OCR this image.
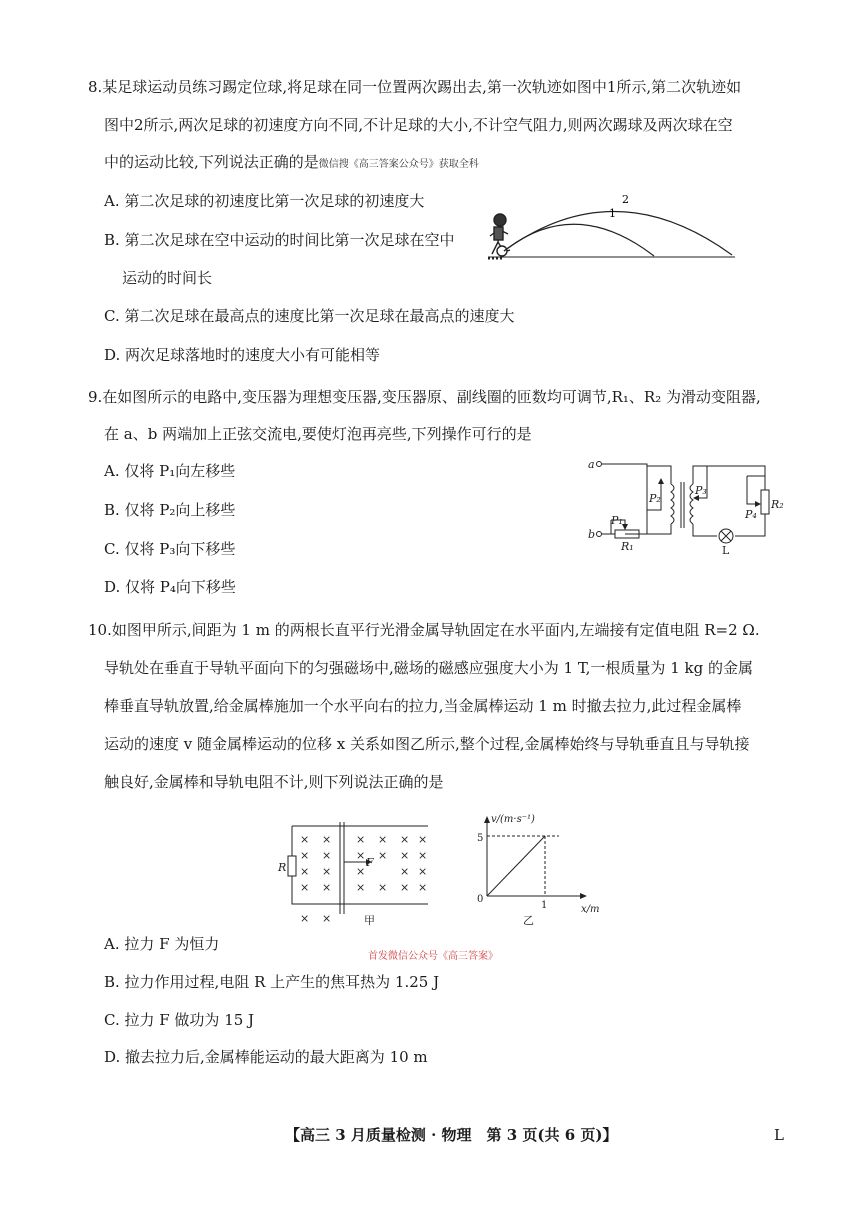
8.某足球运动员练习踢定位球,将足球在同一位置两次踢出去,第一次轨迹如图中1所示,第二次轨迹如
图中2所示,两次足球的初速度方向不同,不计足球的大小,不计空气阻力,则两次踢球及两次球在空
中的运动比较,下列说法正确的是微信搜《高三答案公众号》获取全科
A. 第二次足球的初速度比第一次足球的初速度大
B. 第二次足球在空中运动的时间比第一次足球在空中
运动的时间长
C. 第二次足球在最高点的速度比第一次足球在最高点的速度大
D. 两次足球落地时的速度大小有可能相等
2
1
9.在如图所示的电路中,变压器为理想变压器,变压器原、副线圈的匝数均可调节,R₁、R₂ 为滑动变阻器,
在 a、b 两端加上正弦交流电,要使灯泡再亮些,下列操作可行的是
A. 仅将 P₁向左移些
B. 仅将 P₂向上移些
C. 仅将 P₃向下移些
D. 仅将 P₄向下移些
a
b
P₂
P₃
P₄
R₂
P₁
R₁	L
10.如图甲所示,间距为 1 m 的两根长直平行光滑金属导轨固定在水平面内,左端接有定值电阻 R=2 Ω.
导轨处在垂直于导轨平面向下的匀强磁场中,磁场的磁感应强度大小为 1 T,一根质量为 1 kg 的金属
棒垂直导轨放置,给金属棒施加一个水平向右的拉力,当金属棒运动 1 m 时撤去拉力,此过程金属棒
运动的速度 v 随金属棒运动的位移 x 关系如图乙所示,整个过程,金属棒始终与导轨垂直且与导轨接
触良好,金属棒和导轨电阻不计,则下列说法正确的是
× × × × × ×
× × × × × ×
× × ×	× ×
× × × × × ×
× ×
R	F
甲
v/(m·s⁻¹)
x/m
5
1
0
乙
A. 拉力 F 为恒力
首发微信公众号《高三答案》
B. 拉力作用过程,电阻 R 上产生的焦耳热为 1.25 J
C. 拉力 F 做功为 15 J
D. 撤去拉力后,金属棒能运动的最大距离为 10 m
【高三 3 月质量检测 · 物理　第 3 页(共 6 页)】	L
